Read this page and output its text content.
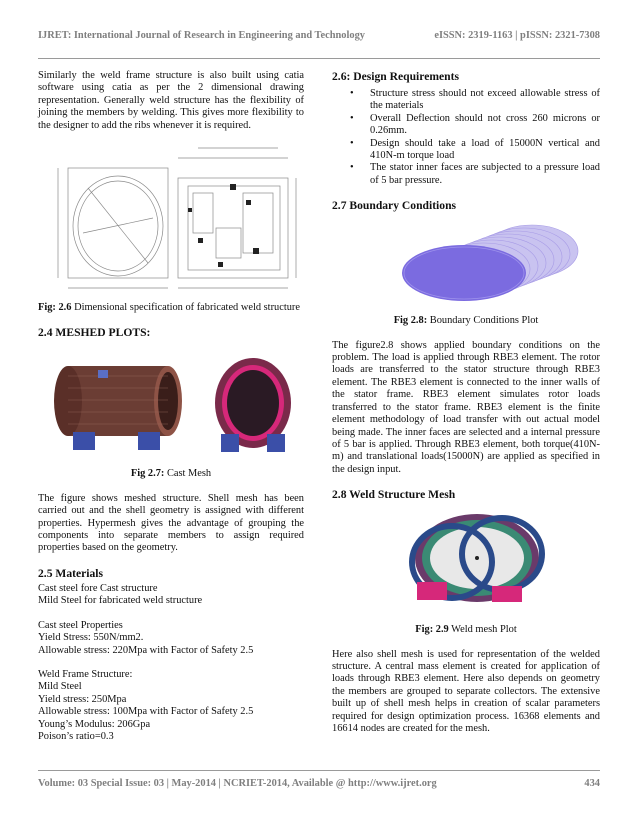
IJRET: International Journal of Research in Engineering and Technology	eISSN: 2319-1163 | pISSN: 2321-7308

Similarly the weld frame structure is also built using catia software using catia as per the 2 dimensional drawing representation. Generally weld structure has the flexibility of joining the members by welding. This gives more flexibility to the designer to add the ribs whenever it is required.

Fig: 2.6 Dimensional specification of fabricated weld structure
2.4 MESHED PLOTS:
Fig 2.7: Cast Mesh

The figure shows meshed structure. Shell mesh has been carried out and the shell geometry is assigned with different properties. Hypermesh gives the advantage of grouping the components into separate members to assign required properties based on the geometry.

2.5 Materials
Cast steel fore Cast structure
Mild Steel for fabricated weld structure
Cast steel Properties
Yield Stress: 550N/mm2.
Allowable stress: 220Mpa with Factor of Safety 2.5
Weld Frame Structure:
Mild Steel
Yield stress: 250Mpa
Allowable stress: 100Mpa with Factor of Safety 2.5
Young’s Modulus: 206Gpa
Poison’s ratio=0.3
2.6: Design Requirements
• Structure stress should not exceed allowable stress of the materials
• Overall Deflection should not cross 260 microns or 0.26mm.
• Design should take a load of 15000N vertical and 410N-m torque load
• The stator inner faces are subjected to a pressure load of 5 bar pressure.
2.7 Boundary Conditions
Fig 2.8: Boundary Conditions Plot

The figure2.8 shows applied boundary conditions on the problem. The load is applied through RBE3 element. The rotor loads are transferred to the stator structure through RBE3 element. The RBE3 element is connected to the inner walls of the stator frame. RBE3 element simulates rotor loads transferred to the stator frame. RBE3 element is the finite element methodology of load transfer with out actual model being made. The inner faces are selected and a internal pressure of 5 bar is applied. Through RBE3 element, both torque(410N-m) and translational loads(15000N) are applied as specified in the design input.

2.8 Weld Structure Mesh
Fig: 2.9 Weld mesh Plot

Here also shell mesh is used for representation of the welded structure. A central mass element is created for application of loads through RBE3 element. Here also depends on geometry the members are grouped to separate collectors. The extensive built up of shell mesh helps in creation of scalar parameters required for design optimization process. 16368 elements and 16614 nodes are created for the mesh.

Volume: 03 Special Issue: 03 | May-2014 | NCRIET-2014, Available @ http://www.ijret.org	434
